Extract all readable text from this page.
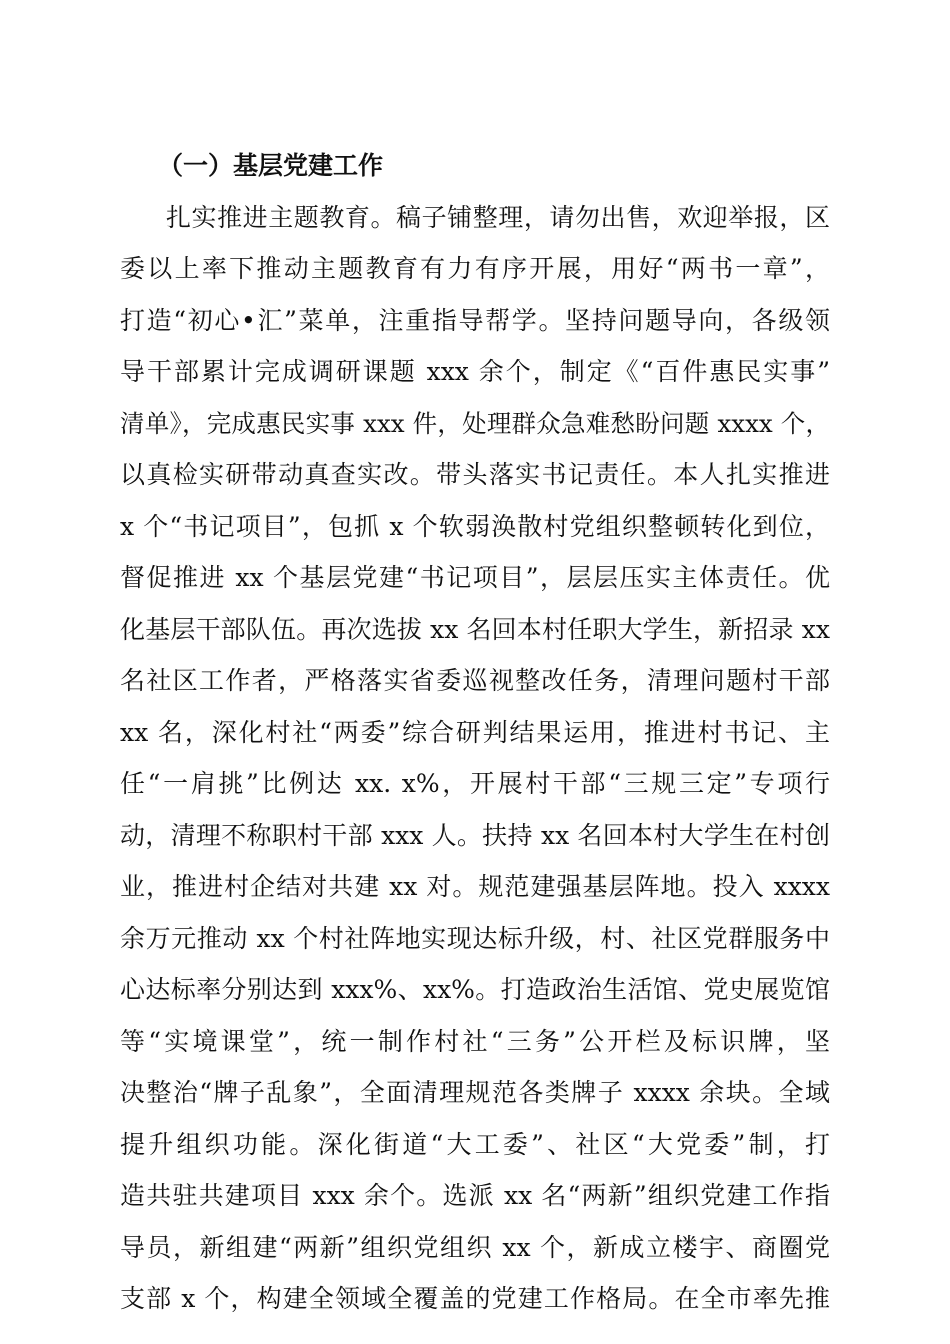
（一）基层党建工作
扎实推进主题教育。稿子铺整理，请勿出售，欢迎举报，区
委以上率下推动主题教育有力有序开展，用好“两书一章”，
打造“初心•汇”菜单，注重指导帮学。坚持问题导向，各级领
导干部累计完成调研课题 xxx 余个，制定《“百件惠民实事”
清单》，完成惠民实事 xxx 件，处理群众急难愁盼问题 xxxx 个，
以真检实研带动真查实改。带头落实书记责任。本人扎实推进
x 个“书记项目”，包抓 x 个软弱涣散村党组织整顿转化到位，
督促推进 xx 个基层党建“书记项目”，层层压实主体责任。优
化基层干部队伍。再次选拔 xx 名回本村任职大学生，新招录 xx
名社区工作者，严格落实省委巡视整改任务，清理问题村干部
xx 名，深化村社“两委”综合研判结果运用，推进村书记、主
任“一肩挑”比例达 xx. x%，开展村干部“三规三定”专项行
动，清理不称职村干部 xxx 人。扶持 xx 名回本村大学生在村创
业，推进村企结对共建 xx 对。规范建强基层阵地。投入 xxxx
余万元推动 xx 个村社阵地实现达标升级，村、社区党群服务中
心达标率分别达到 xxx%、xx%。打造政治生活馆、党史展览馆
等“实境课堂”，统一制作村社“三务”公开栏及标识牌，坚
决整治“牌子乱象”，全面清理规范各类牌子 xxxx 余块。全域
提升组织功能。深化街道“大工委”、社区“大党委”制，打
造共驻共建项目 xxx 余个。选派 xx 名“两新”组织党建工作指
导员，新组建“两新”组织党组织 xx 个，新成立楼宇、商圈党
支部 x 个，构建全领域全覆盖的党建工作格局。在全市率先推
